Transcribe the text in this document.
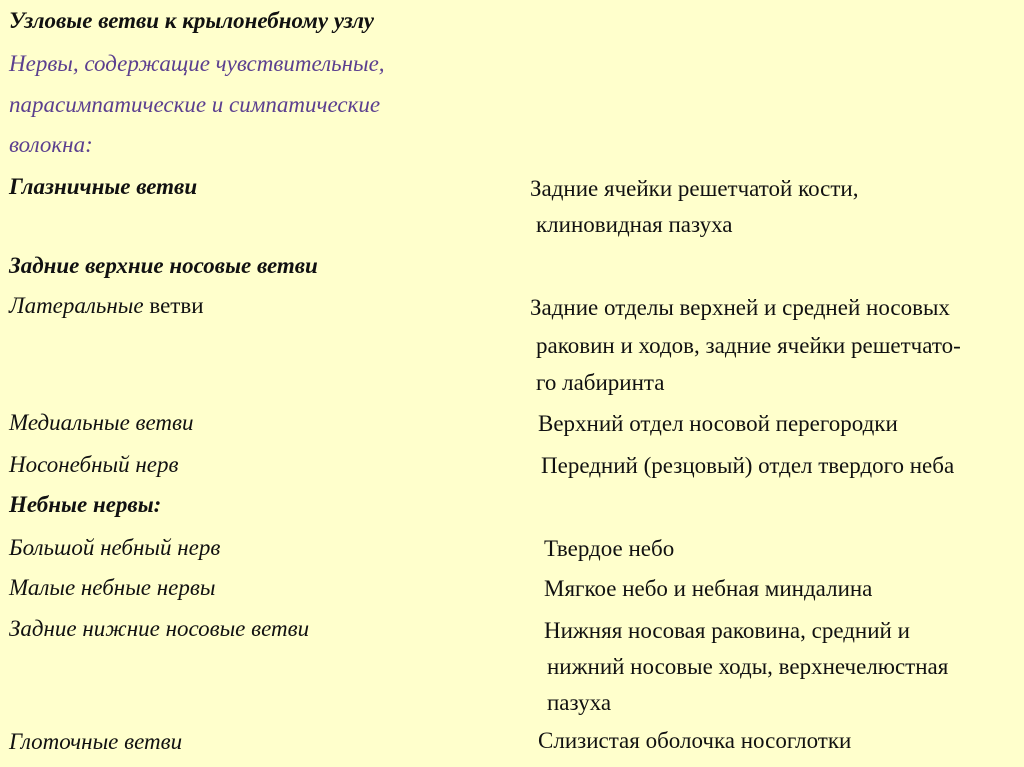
Узловые ветви к крылонебному узлу
Нервы, содержащие чувствительные,
парасимпатические и симпатические
волокна:
Глазничные ветви	Задние ячейки решетчатой кости,
клиновидная пазуха
Задние верхние носовые ветви
Латеральные ветви	Задние отделы верхней и средней носовых
раковин и ходов, задние ячейки решетчато-
го лабиринта
Медиальные ветви	Верхний отдел носовой перегородки
Носонебный нерв	Передний (резцовый) отдел твердого неба
Небные нервы:
Большой небный нерв	Твердое небо
Малые небные нервы	Мягкое небо и небная миндалина
Задние нижние носовые ветви	Нижняя носовая раковина, средний и
нижний носовые ходы, верхнечелюстная
пазуха
Глоточные ветви	Слизистая оболочка носоглотки
